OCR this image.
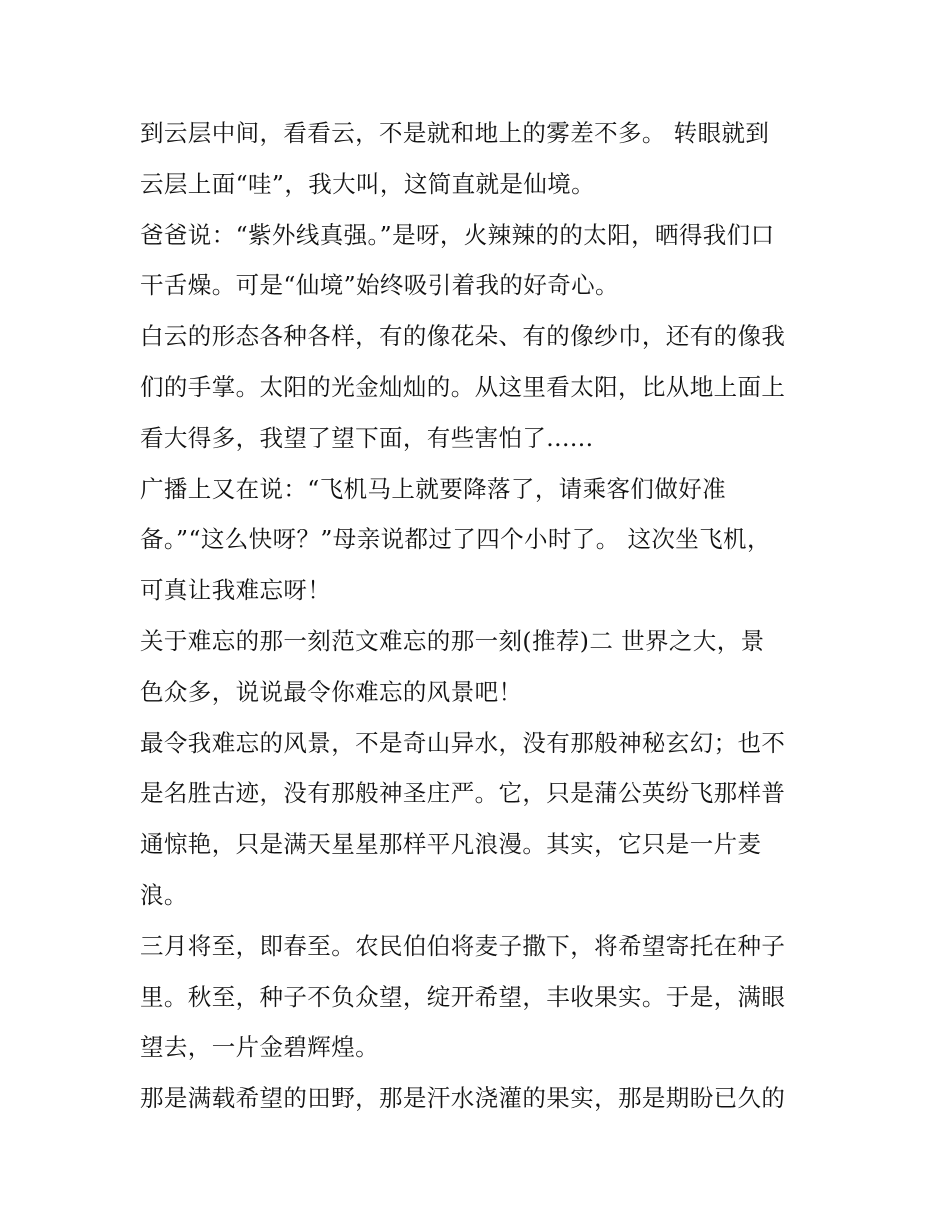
到云层中间，看看云，不是就和地上的雾差不多。 转眼就到
云层上面“哇”，我大叫，这简直就是仙境。
爸爸说：“紫外线真强。”是呀，火辣辣的的太阳，晒得我们口
干舌燥。可是“仙境”始终吸引着我的好奇心。
白云的形态各种各样，有的像花朵、有的像纱巾，还有的像我
们的手掌。太阳的光金灿灿的。从这里看太阳，比从地上面上
看大得多，我望了望下面，有些害怕了......
广播上又在说：“飞机马上就要降落了，请乘客们做好准
备。”“这么快呀？”母亲说都过了四个小时了。 这次坐飞机，
可真让我难忘呀！
关于难忘的那一刻范文难忘的那一刻(推荐)二 世界之大，景
色众多，说说最令你难忘的风景吧！
最令我难忘的风景，不是奇山异水，没有那般神秘玄幻；也不
是名胜古迹，没有那般神圣庄严。它，只是蒲公英纷飞那样普
通惊艳，只是满天星星那样平凡浪漫。其实，它只是一片麦
浪。
三月将至，即春至。农民伯伯将麦子撒下，将希望寄托在种子
里。秋至，种子不负众望，绽开希望，丰收果实。于是，满眼
望去，一片金碧辉煌。
那是满载希望的田野，那是汗水浇灌的果实，那是期盼已久的
